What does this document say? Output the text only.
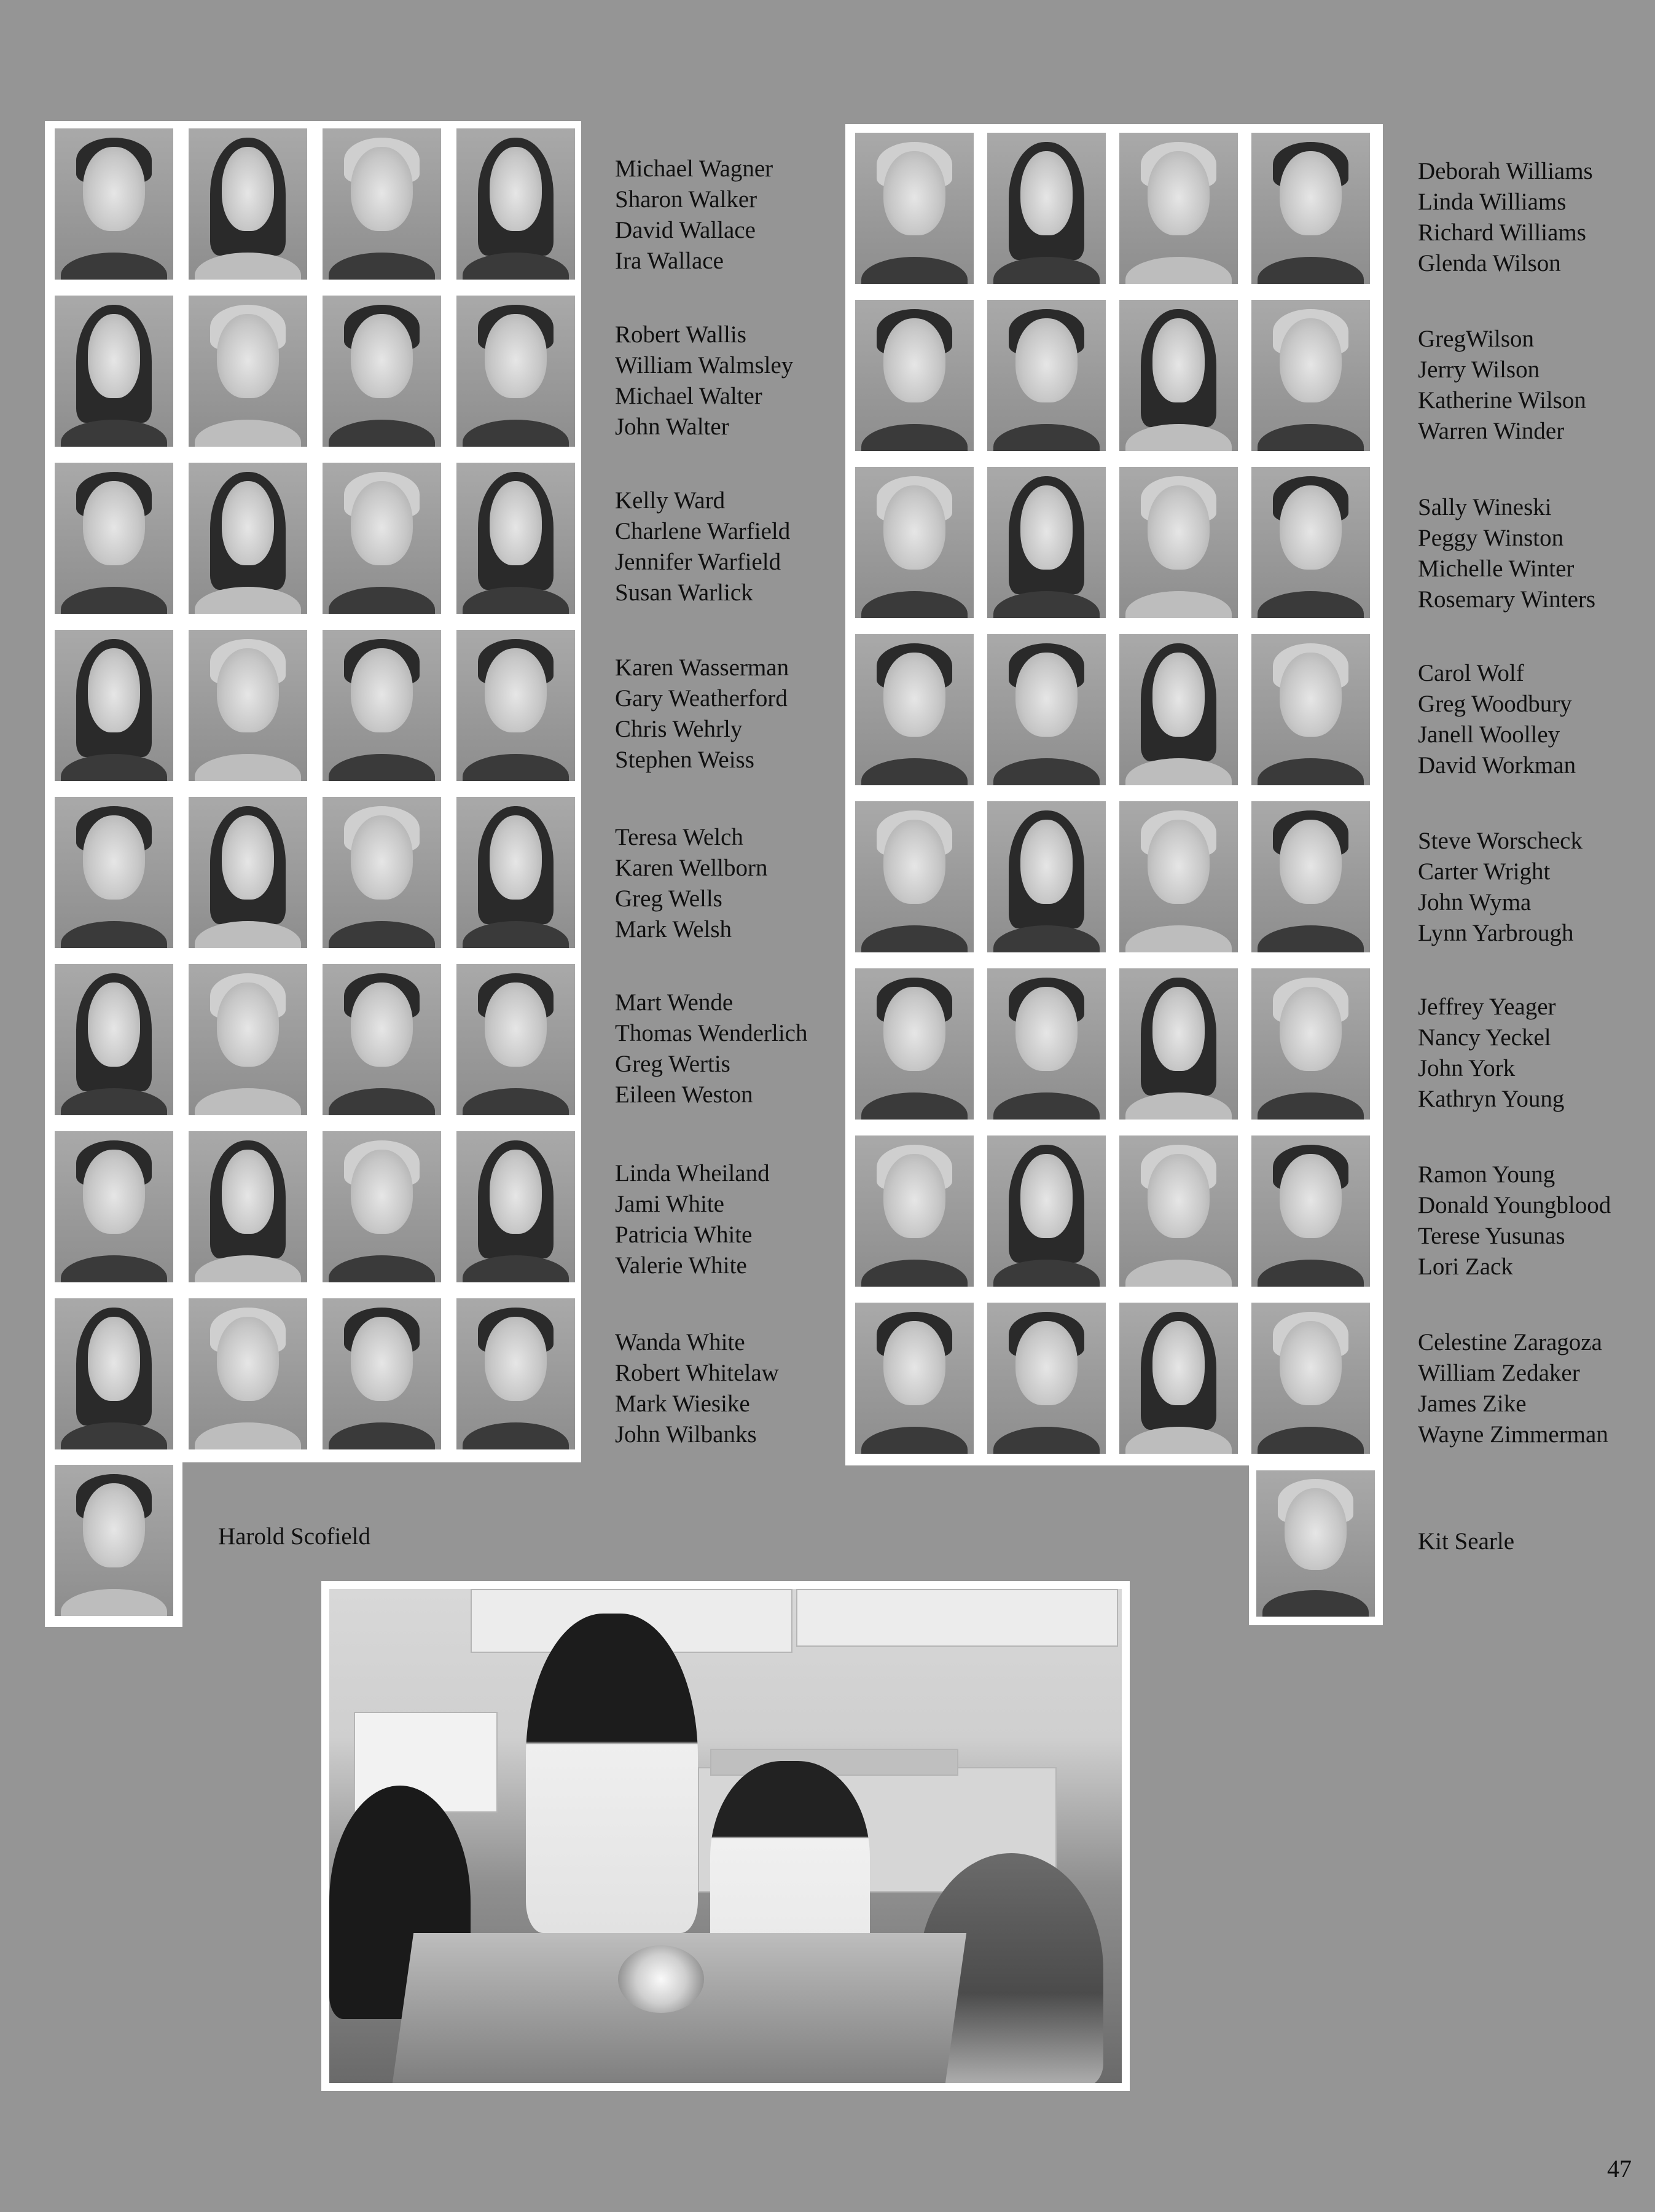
Michael Wagner
Sharon Walker
David Wallace
Ira Wallace
Robert Wallis
William Walmsley
Michael Walter
John Walter
Kelly Ward
Charlene Warfield
Jennifer Warfield
Susan Warlick
Karen Wasserman
Gary Weatherford
Chris Wehrly
Stephen Weiss
Teresa Welch
Karen Wellborn
Greg Wells
Mark Welsh
Mart Wende
Thomas Wenderlich
Greg Wertis
Eileen Weston
Linda Wheiland
Jami White
Patricia White
Valerie White
Wanda White
Robert Whitelaw
Mark Wiesike
John Wilbanks
Harold Scofield
Deborah Williams
Linda Williams
Richard Williams
Glenda Wilson
GregWilson
Jerry Wilson
Katherine Wilson
Warren Winder
Sally Wineski
Peggy Winston
Michelle Winter
Rosemary Winters
Carol Wolf
Greg Woodbury
Janell Woolley
David Workman
Steve Worscheck
Carter Wright
John Wyma
Lynn Yarbrough
Jeffrey Yeager
Nancy Yeckel
John York
Kathryn Young
Ramon Young
Donald Youngblood
Terese Yusunas
Lori Zack
Celestine Zaragoza
William Zedaker
James Zike
Wayne Zimmerman
Kit Searle
47
